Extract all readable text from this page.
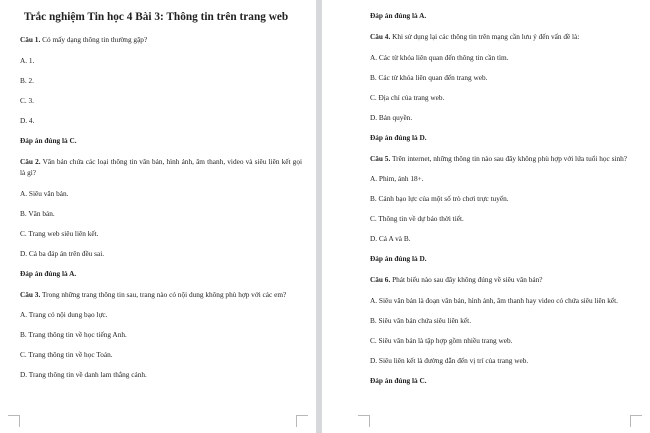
Trắc nghiệm Tin học 4 Bài 3: Thông tin trên trang web
Câu 1. Có mấy dạng thông tin thường gặp?
A. 1.
B. 2.
C. 3.
D. 4.
Đáp án đúng là C.
Câu 2. Văn bản chứa các loại thông tin văn bản, hình ảnh, âm thanh, video và siêu liên kết gọi là gì?
A. Siêu văn bản.
B. Văn bản.
C. Trang web siêu liên kết.
D. Cả ba đáp án trên đều sai.
Đáp án đúng là A.
Câu 3. Trong những trang thông tin sau, trang nào có nội dung không phù hợp với các em?
A. Trang có nội dung bạo lực.
B. Trang thông tin về học tiếng Anh.
C. Trang thông tin về học Toán.
D. Trang thông tin về danh lam thắng cảnh.
Đáp án đúng là A.
Câu 4. Khi sử dụng lại các thông tin trên mạng cần lưu ý đến vấn đề là:
A. Các từ khóa liên quan đến thông tin cần tìm.
B. Các từ khóa liên quan đến trang web.
C. Địa chỉ của trang web.
D. Bản quyền.
Đáp án đúng là D.
Câu 5. Trên internet, những thông tin nào sau đây không phù hợp với lứa tuổi học sinh?
A. Phim, ảnh 18+.
B. Cảnh bạo lực của một số trò chơi trực tuyến.
C. Thông tin về dự báo thời tiết.
D. Cả A và B.
Đáp án đúng là D.
Câu 6. Phát biểu nào sau đây không đúng về siêu văn bản?
A. Siêu văn bản là đoạn văn bản, hình ảnh, âm thanh hay video có chứa siêu liên kết.
B. Siêu văn bản chứa siêu liên kết.
C. Siêu văn bản là tập hợp gồm nhiều trang web.
D. Siêu liên kết là đường dẫn đến vị trí của trang web.
Đáp án đúng là C.
